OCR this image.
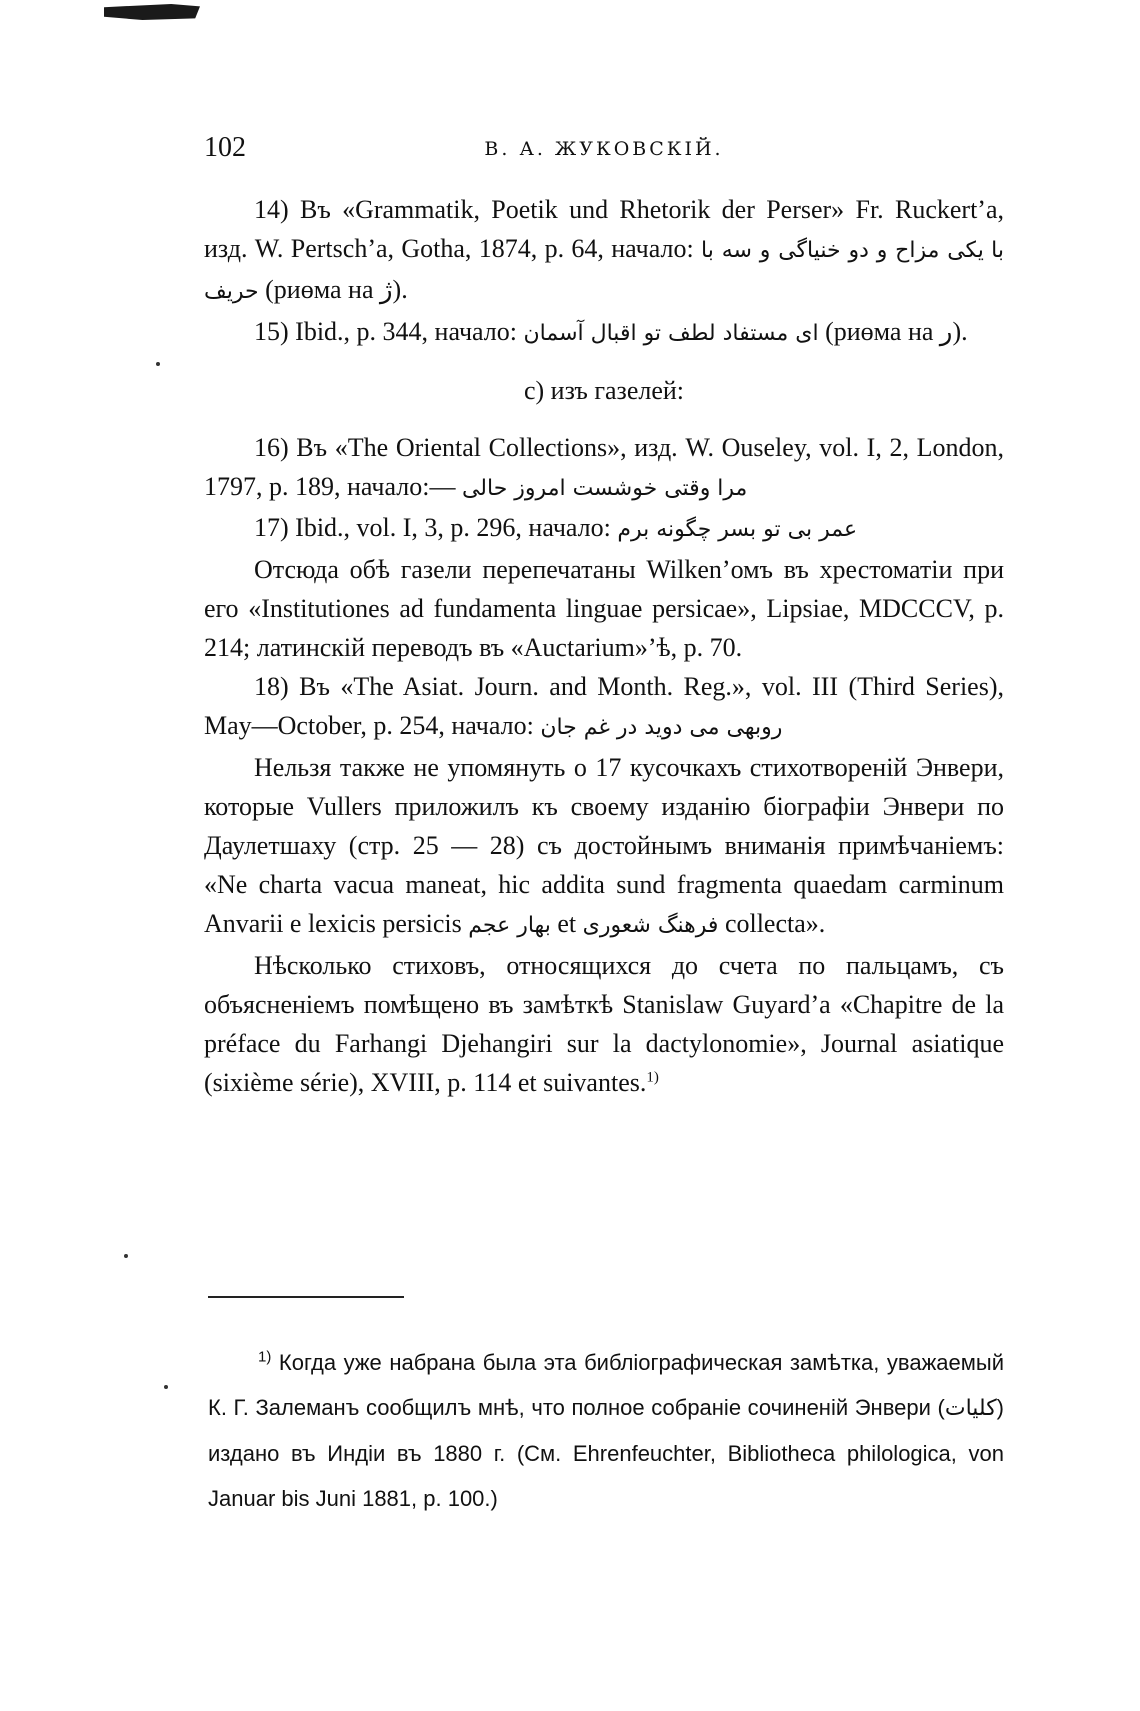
102	В. А. ЖУКОВСКІЙ.

14) Въ «Grammatik, Poetik und Rhetorik der Perser» Fr. Ruckert’a, изд. W. Pertsch’a, Gotha, 1874, p. 64, начало:	با یکی مزاح و دو خنیاگی و سه با حریف (риөма на ژ).

15) Ibid., p. 344, начало: ای مستفاد لطف تو اقبال آسمان (риөма на ر).

c) изъ газелей:

16) Въ «The Oriental Collections», изд. W. Ouseley, vol. I, 2, London, 1797, p. 189, начало:— مرا وقتی خوشست امروز حالی

17) Ibid., vol. I, 3, p. 296, начало: عمر بی تو بسر چگونه برم

Отсюда обѣ газели перепечатаны Wilken’омъ въ хрестоматіи при его «Institutiones ad fundamenta linguae persicae», Lipsiae, MDCCCV, p. 214; латинскій переводъ въ «Auctarium»’ѣ, p. 70.

18) Въ «The Asiat. Journ. and Month. Reg.», vol. III (Third Series), May—October, p. 254, начало: روبهی می دوید در غم جان

Нельзя также не упомянуть о 17 кусочкахъ стихотвореній Энвери, которые Vullers приложилъ къ своему изданію біографіи Энвери по Даулетшаху (стр. 25 — 28) съ достойнымъ вниманія примѣчаніемъ: «Ne charta vacua maneat, hic addita sund fragmenta quaedam carminum Anvarii e lexicis persicis بهار عجم et فرهنگ شعوری collecta».

Нѣсколько стиховъ, относящихся до счета по пальцамъ, съ объясненіемъ помѣщено въ замѣткѣ Stanislaw Guyard’a «Chapitre de la préface du Farhangi Djehangiri sur la dactylonomie», Journal asiatique (sixième série), XVIII, p. 114 et suivantes.$^{1)}$

$^{1)}$ Когда уже набрана была эта библіографическая замѣтка, уважаемый К. Г. Залеманъ сообщилъ мнѣ, что полное собраніе сочиненій Энвери (کلیات) издано въ Индіи въ 1880 г. (См. Ehrenfeuchter, Bibliotheca philologica, von Januar bis Juni 1881, p. 100.)
